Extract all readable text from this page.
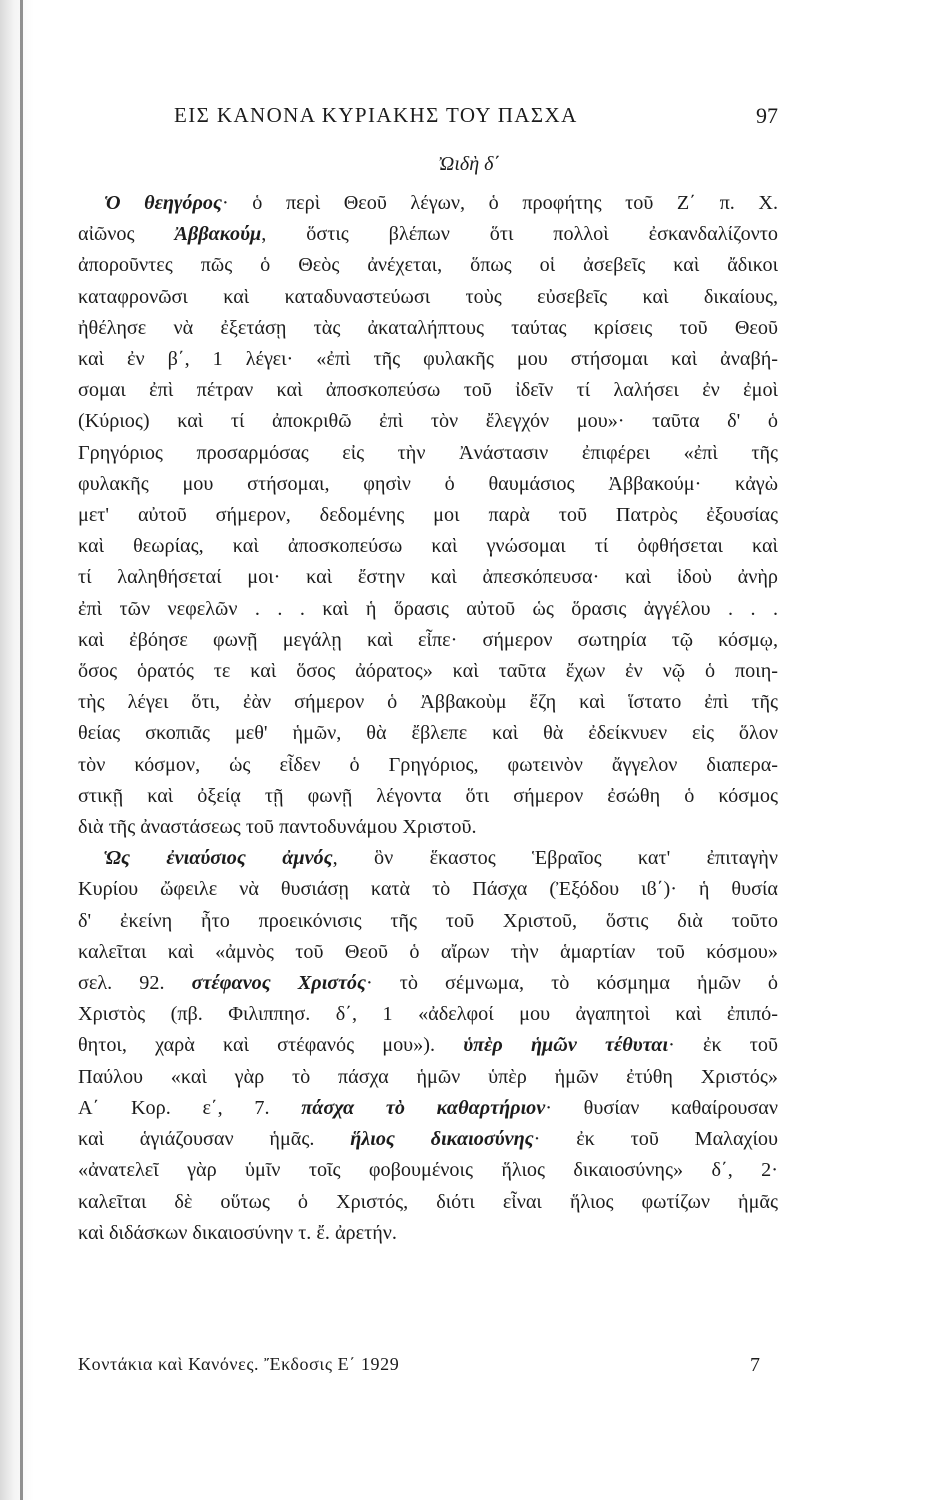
ΕΙΣ ΚΑΝΟΝΑ ΚΥΡΙΑΚΗΣ ΤΟΥ ΠΑΣΧΑ	97
Ὠιδὴ δ΄
Ὁ θεηγόρος· ὁ περὶ Θεοῦ λέγων, ὁ προφήτης τοῦ Ζ΄ π. Χ.
αἰῶνος Ἀββακούμ, ὅστις βλέπων ὅτι πολλοὶ ἐσκανδαλίζοντο
ἀποροῦντες πῶς ὁ Θεὸς ἀνέχεται, ὅπως οἱ ἀσεβεῖς καὶ ἄδικοι
καταφρονῶσι καὶ καταδυναστεύωσι τοὺς εὐσεβεῖς καὶ δικαίους,
ἠθέλησε νὰ ἐξετάσῃ τὰς ἀκαταλήπτους ταύτας κρίσεις τοῦ Θεοῦ
καὶ ἐν β΄, 1 λέγει· «ἐπὶ τῆς φυλακῆς μου στήσομαι καὶ ἀναβή-
σομαι ἐπὶ πέτραν καὶ ἀποσκοπεύσω τοῦ ἰδεῖν τί λαλήσει ἐν ἐμοὶ
(Κύριος) καὶ τί ἀποκριθῶ ἐπὶ τὸν ἔλεγχόν μου»· ταῦτα δ' ὁ
Γρηγόριος προσαρμόσας εἰς τὴν Ἀνάστασιν ἐπιφέρει «ἐπὶ τῆς
φυλακῆς μου στήσομαι, φησὶν ὁ θαυμάσιος Ἀββακούμ· κἀγὼ
μετ' αὐτοῦ σήμερον, δεδομένης μοι παρὰ τοῦ Πατρὸς ἐξουσίας
καὶ θεωρίας, καὶ ἀποσκοπεύσω καὶ γνώσομαι τί ὀφθήσεται καὶ
τί λαληθήσεταί μοι· καὶ ἔστην καὶ ἀπεσκόπευσα· καὶ ἰδοὺ ἀνὴρ
ἐπὶ τῶν νεφελῶν . . . καὶ ἡ ὅρασις αὐτοῦ ὡς ὅρασις ἀγγέλου . . .
καὶ ἐβόησε φωνῇ μεγάλῃ καὶ εἶπε· σήμερον σωτηρία τῷ κόσμῳ,
ὅσος ὁρατός τε καὶ ὅσος ἀόρατος» καὶ ταῦτα ἔχων ἐν νῷ ὁ ποιη-
τὴς λέγει ὅτι, ἐὰν σήμερον ὁ Ἀββακοὺμ ἔζη καὶ ἵστατο ἐπὶ τῆς
θείας σκοπιᾶς μεθ' ἡμῶν, θὰ ἔβλεπε καὶ θὰ ἐδείκνυεν εἰς ὅλον
τὸν κόσμον, ὡς εἶδεν ὁ Γρηγόριος, φωτεινὸν ἄγγελον διαπερα-
στικῇ καὶ ὀξείᾳ τῇ φωνῇ λέγοντα ὅτι σήμερον ἐσώθη ὁ κόσμος
διὰ τῆς ἀναστάσεως τοῦ παντοδυνάμου Χριστοῦ.
Ὡς ἐνιαύσιος ἀμνός, ὃν ἕκαστος Ἑβραῖος κατ' ἐπιταγὴν
Κυρίου ὤφειλε νὰ θυσιάσῃ κατὰ τὸ Πάσχα (Ἐξόδου ιϐ΄)· ἡ θυσία
δ' ἐκείνη ἦτο προεικόνισις τῆς τοῦ Χριστοῦ, ὅστις διὰ τοῦτο
καλεῖται καὶ «ἀμνὸς τοῦ Θεοῦ ὁ αἴρων τὴν ἁμαρτίαν τοῦ κόσμου»
σελ. 92. στέφανος Χριστός· τὸ σέμνωμα, τὸ κόσμημα ἡμῶν ὁ
Χριστὸς (πβ. Φιλιππησ. δ΄, 1 «ἀδελφοί μου ἀγαπητοὶ καὶ ἐπιπό-
θητοι, χαρὰ καὶ στέφανός μου»). ὑπὲρ ἡμῶν τέθυται· ἐκ τοῦ
Παύλου «καὶ γὰρ τὸ πάσχα ἡμῶν ὑπὲρ ἡμῶν ἐτύθη Χριστός»
Α΄ Κορ. ε΄, 7. πάσχα τὸ καθαρτήριον· θυσίαν καθαίρουσαν
καὶ ἁγιάζουσαν ἡμᾶς. ἥλιος δικαιοσύνης· ἐκ τοῦ Μαλαχίου
«ἀνατελεῖ γὰρ ὑμῖν τοῖς φοβουμένοις ἥλιος δικαιοσύνης» δ΄, 2·
καλεῖται δὲ οὕτως ὁ Χριστός, διότι εἶναι ἥλιος φωτίζων ἡμᾶς
καὶ διδάσκων δικαιοσύνην τ. ἔ. ἀρετήν.
Κοντάκια καὶ Κανόνες. Ἔκδοσις Ε΄ 1929	7
